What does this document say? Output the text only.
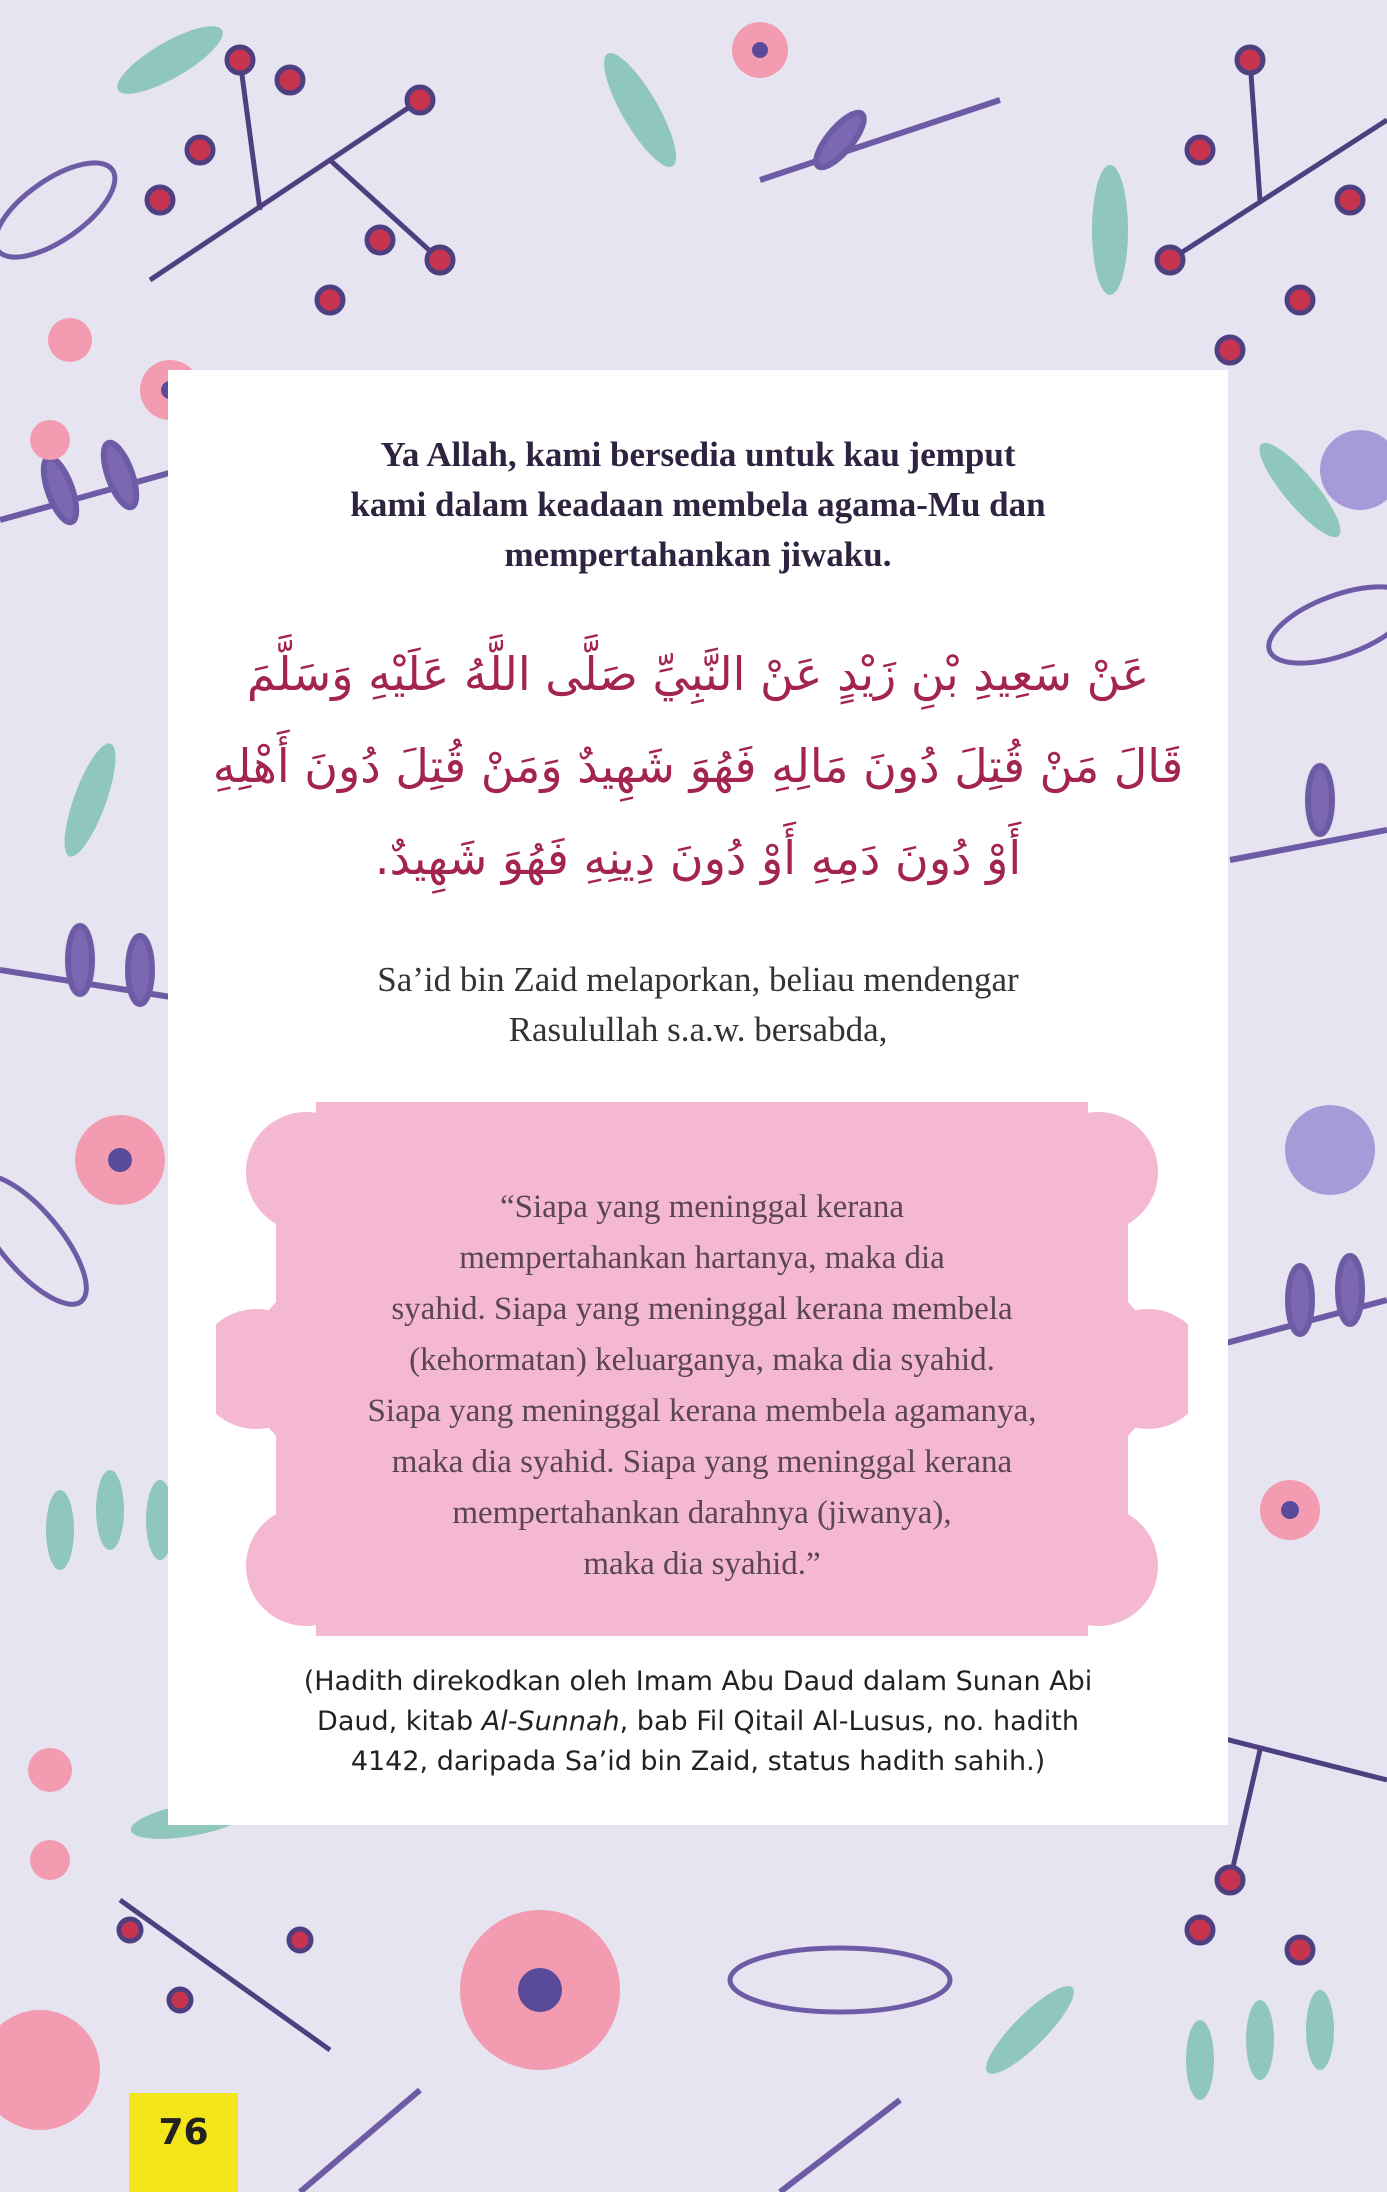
Ya Allah, kami bersedia untuk kau jemput
kami dalam keadaan membela agama-Mu dan
mempertahankan jiwaku.
عَنْ سَعِيدِ بْنِ زَيْدٍ عَنْ النَّبِيِّ صَلَّى اللَّهُ عَلَيْهِ وَسَلَّمَ
قَالَ مَنْ قُتِلَ دُونَ مَالِهِ فَهُوَ شَهِيدٌ وَمَنْ قُتِلَ دُونَ أَهْلِهِ
أَوْ دُونَ دَمِهِ أَوْ دُونَ دِينِهِ فَهُوَ شَهِيدٌ.
Sa’id bin Zaid melaporkan, beliau mendengar
Rasulullah s.a.w. bersabda,
“Siapa yang meninggal kerana
mempertahankan hartanya, maka dia
syahid. Siapa yang meninggal kerana membela
(kehormatan) keluarganya, maka dia syahid.
Siapa yang meninggal kerana membela agamanya,
maka dia syahid. Siapa yang meninggal kerana
mempertahankan darahnya (jiwanya),
maka dia syahid.”
(Hadith direkodkan oleh Imam Abu Daud dalam Sunan Abi
Daud, kitab Al-Sunnah, bab Fil Qitail Al-Lusus, no. hadith
4142, daripada Sa’id bin Zaid, status hadith sahih.)
76
